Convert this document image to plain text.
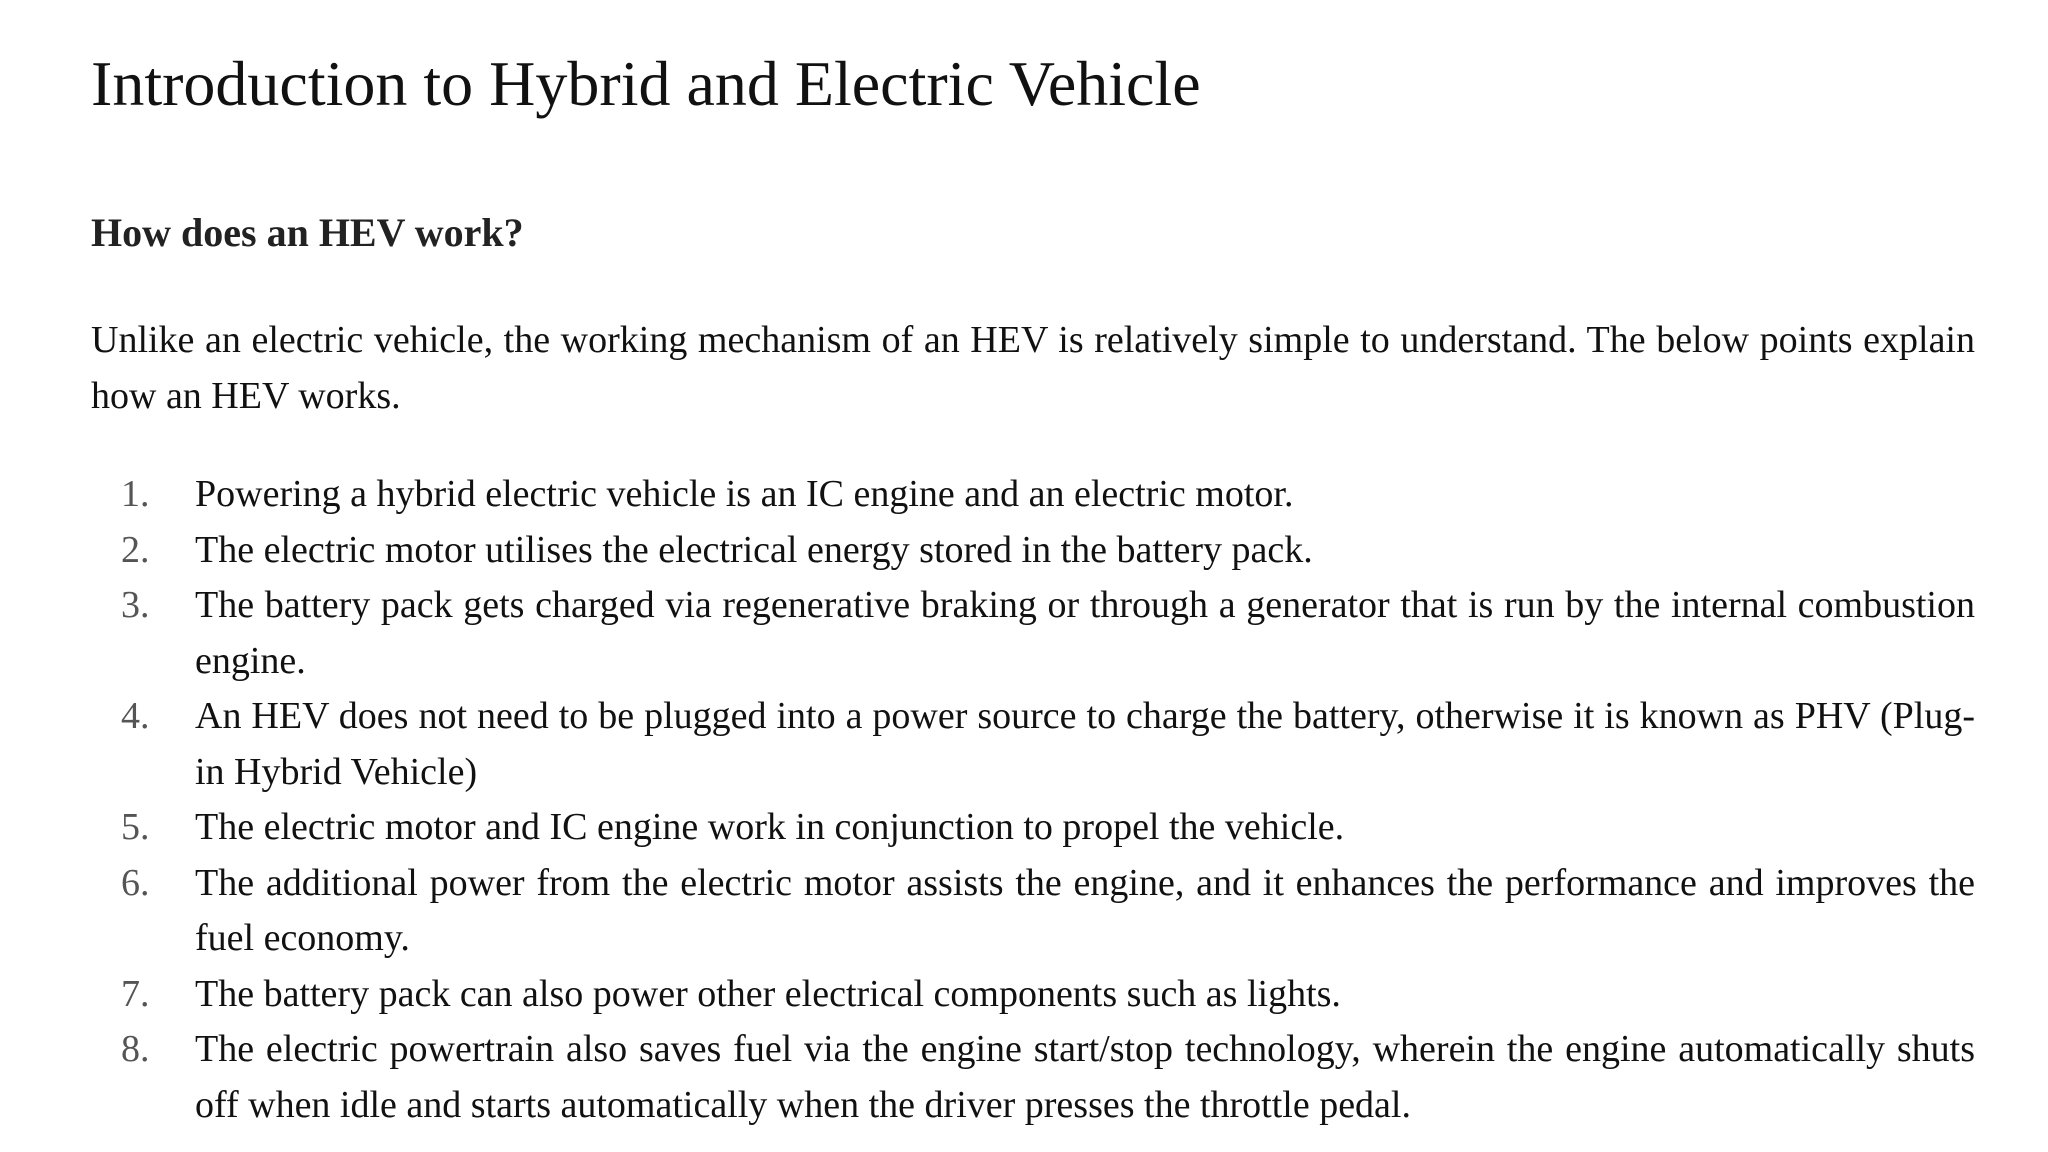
Introduction to Hybrid and Electric Vehicle
How does an HEV work?

Unlike an electric vehicle, the working mechanism of an HEV is relatively simple to understand. The below points explain how an HEV works.

1. Powering a hybrid electric vehicle is an IC engine and an electric motor.
2. The electric motor utilises the electrical energy stored in the battery pack.
3. The battery pack gets charged via regenerative braking or through a generator that is run by the internal combustion engine.
4. An HEV does not need to be plugged into a power source to charge the battery, otherwise it is known as PHV (Plug-in Hybrid Vehicle)
5. The electric motor and IC engine work in conjunction to propel the vehicle.
6. The additional power from the electric motor assists the engine, and it enhances the performance and improves the fuel economy.
7. The battery pack can also power other electrical components such as lights.
8. The electric powertrain also saves fuel via the engine start/stop technology, wherein the engine automatically shuts off when idle and starts automatically when the driver presses the throttle pedal.
